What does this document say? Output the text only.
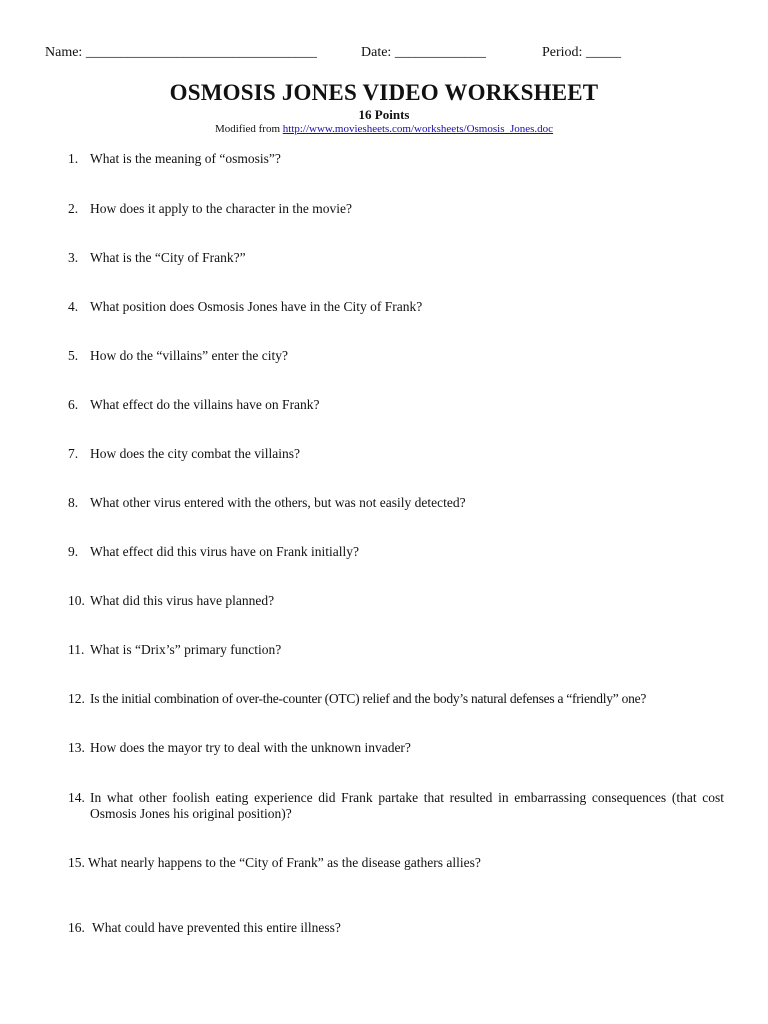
Name: _________________________________	Date: _____________	Period: _____
OSMOSIS JONES VIDEO WORKSHEET
16 Points
Modified from http://www.moviesheets.com/worksheets/Osmosis_Jones.doc
1. What is the meaning of “osmosis”?
2. How does it apply to the character in the movie?
3. What is the “City of Frank?”
4. What position does Osmosis Jones have in the City of Frank?
5. How do the “villains” enter the city?
6. What effect do the villains have on Frank?
7. How does the city combat the villains?
8. What other virus entered with the others, but was not easily detected?
9. What effect did this virus have on Frank initially?
10. What did this virus have planned?
11. What is “Drix’s” primary function?
12. Is the initial combination of over-the-counter (OTC) relief and the body’s natural defenses a “friendly” one?
13. How does the mayor try to deal with the unknown invader?
14. In what other foolish eating experience did Frank partake that resulted in embarrassing consequences (that cost Osmosis Jones his original position)?
15. What nearly happens to the “City of Frank” as the disease gathers allies?
16. What could have prevented this entire illness?
